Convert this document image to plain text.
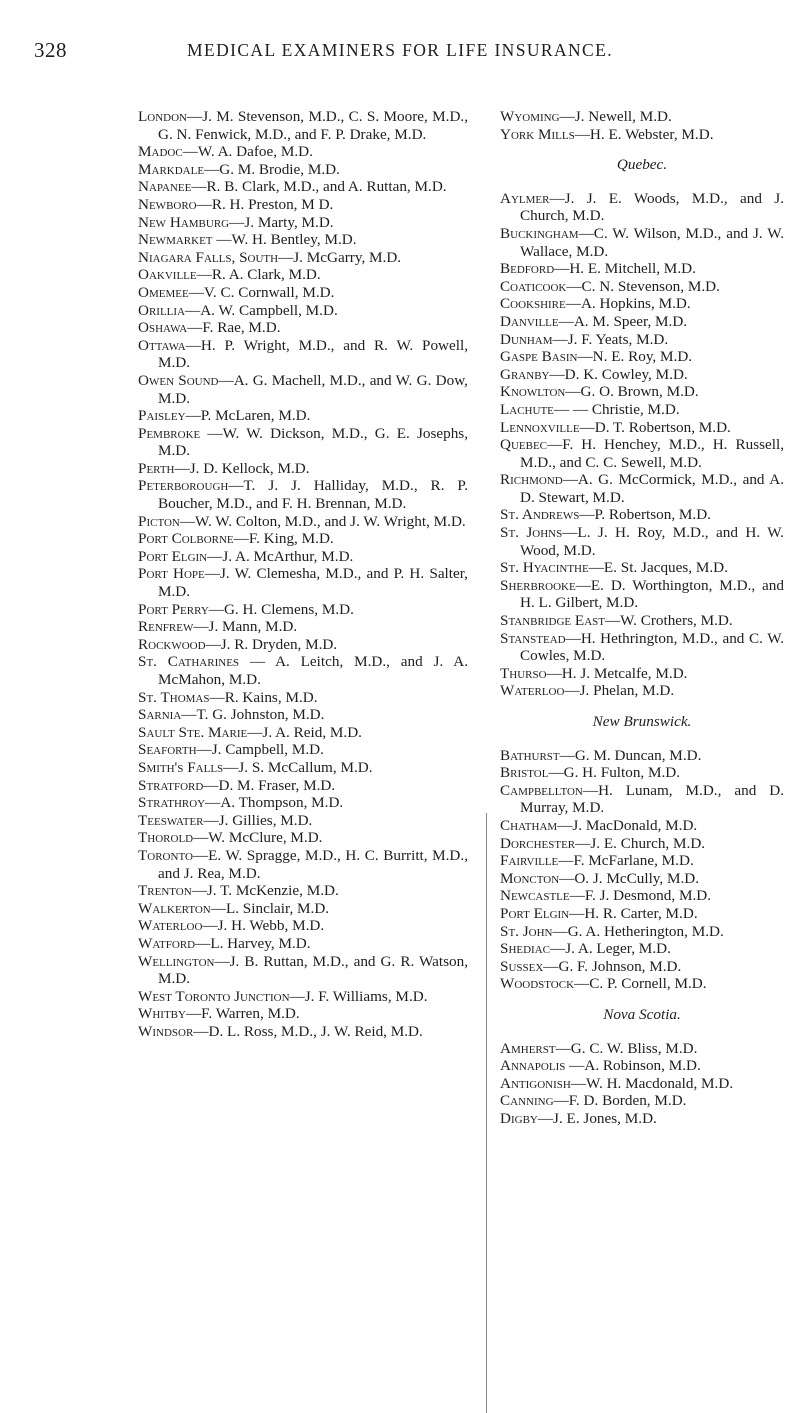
328	MEDICAL EXAMINERS FOR LIFE INSURANCE.
London—J. M. Stevenson, M.D., C. S. Moore, M.D., G. N. Fenwick, M.D., and F. P. Drake, M.D.
Madoc—W. A. Dafoe, M.D.
Markdale—G. M. Brodie, M.D.
Napanee—R. B. Clark, M.D., and A. Ruttan, M.D.
Newboro—R. H. Preston, M D.
New Hamburg—J. Marty, M.D.
Newmarket —W. H. Bentley, M.D.
Niagara Falls, South—J. McGarry, M.D.
Oakville—R. A. Clark, M.D.
Omemee—V. C. Cornwall, M.D.
Orillia—A. W. Campbell, M.D.
Oshawa—F. Rae, M.D.
Ottawa—H. P. Wright, M.D., and R. W. Powell, M.D.
Owen Sound—A. G. Machell, M.D., and W. G. Dow, M.D.
Paisley—P. McLaren, M.D.
Pembroke —W. W. Dickson, M.D., G. E. Josephs, M.D.
Perth—J. D. Kellock, M.D.
Peterborough—T. J. J. Halliday, M.D., R. P. Boucher, M.D., and F. H. Brennan, M.D.
Picton—W. W. Colton, M.D., and J. W. Wright, M.D.
Port Colborne—F. King, M.D.
Port Elgin—J. A. McArthur, M.D.
Port Hope—J. W. Clemesha, M.D., and P. H. Salter, M.D.
Port Perry—G. H. Clemens, M.D.
Renfrew—J. Mann, M.D.
Rockwood—J. R. Dryden, M.D.
St. Catharines — A. Leitch, M.D., and J. A. McMahon, M.D.
St. Thomas—R. Kains, M.D.
Sarnia—T. G. Johnston, M.D.
Sault Ste. Marie—J. A. Reid, M.D.
Seaforth—J. Campbell, M.D.
Smith's Falls—J. S. McCallum, M.D.
Stratford—D. M. Fraser, M.D.
Strathroy—A. Thompson, M.D.
Teeswater—J. Gillies, M.D.
Thorold—W. McClure, M.D.
Toronto—E. W. Spragge, M.D., H. C. Burritt, M.D., and J. Rea, M.D.
Trenton—J. T. McKenzie, M.D.
Walkerton—L. Sinclair, M.D.
Waterloo—J. H. Webb, M.D.
Watford—L. Harvey, M.D.
Wellington—J. B. Ruttan, M.D., and G. R. Watson, M.D.
West Toronto Junction—J. F. Williams, M.D.
Whitby—F. Warren, M.D.
Windsor—D. L. Ross, M.D., J. W. Reid, M.D.
Wyoming—J. Newell, M.D.
York Mills—H. E. Webster, M.D.
Quebec.
Aylmer—J. J. E. Woods, M.D., and J. Church, M.D.
Buckingham—C. W. Wilson, M.D., and J. W. Wallace, M.D.
Bedford—H. E. Mitchell, M.D.
Coaticook—C. N. Stevenson, M.D.
Cookshire—A. Hopkins, M.D.
Danville—A. M. Speer, M.D.
Dunham—J. F. Yeats, M.D.
Gaspe Basin—N. E. Roy, M.D.
Granby—D. K. Cowley, M.D.
Knowlton—G. O. Brown, M.D.
Lachute— — Christie, M.D.
Lennoxville—D. T. Robertson, M.D.
Quebec—F. H. Henchey, M.D., H. Russell, M.D., and C. C. Sewell, M.D.
Richmond—A. G. McCormick, M.D., and A. D. Stewart, M.D.
St. Andrews—P. Robertson, M.D.
St. Johns—L. J. H. Roy, M.D., and H. W. Wood, M.D.
St. Hyacinthe—E. St. Jacques, M.D.
Sherbrooke—E. D. Worthington, M.D., and H. L. Gilbert, M.D.
Stanbridge East—W. Crothers, M.D.
Stanstead—H. Hethrington, M.D., and C. W. Cowles, M.D.
Thurso—H. J. Metcalfe, M.D.
Waterloo—J. Phelan, M.D.
New Brunswick.
Bathurst—G. M. Duncan, M.D.
Bristol—G. H. Fulton, M.D.
Campbellton—H. Lunam, M.D., and D. Murray, M.D.
Chatham—J. MacDonald, M.D.
Dorchester—J. E. Church, M.D.
Fairville—F. McFarlane, M.D.
Moncton—O. J. McCully, M.D.
Newcastle—F. J. Desmond, M.D.
Port Elgin—H. R. Carter, M.D.
St. John—G. A. Hetherington, M.D.
Shediac—J. A. Leger, M.D.
Sussex—G. F. Johnson, M.D.
Woodstock—C. P. Cornell, M.D.
Nova Scotia.
Amherst—G. C. W. Bliss, M.D.
Annapolis —A. Robinson, M.D.
Antigonish—W. H. Macdonald, M.D.
Canning—F. D. Borden, M.D.
Digby—J. E. Jones, M.D.
